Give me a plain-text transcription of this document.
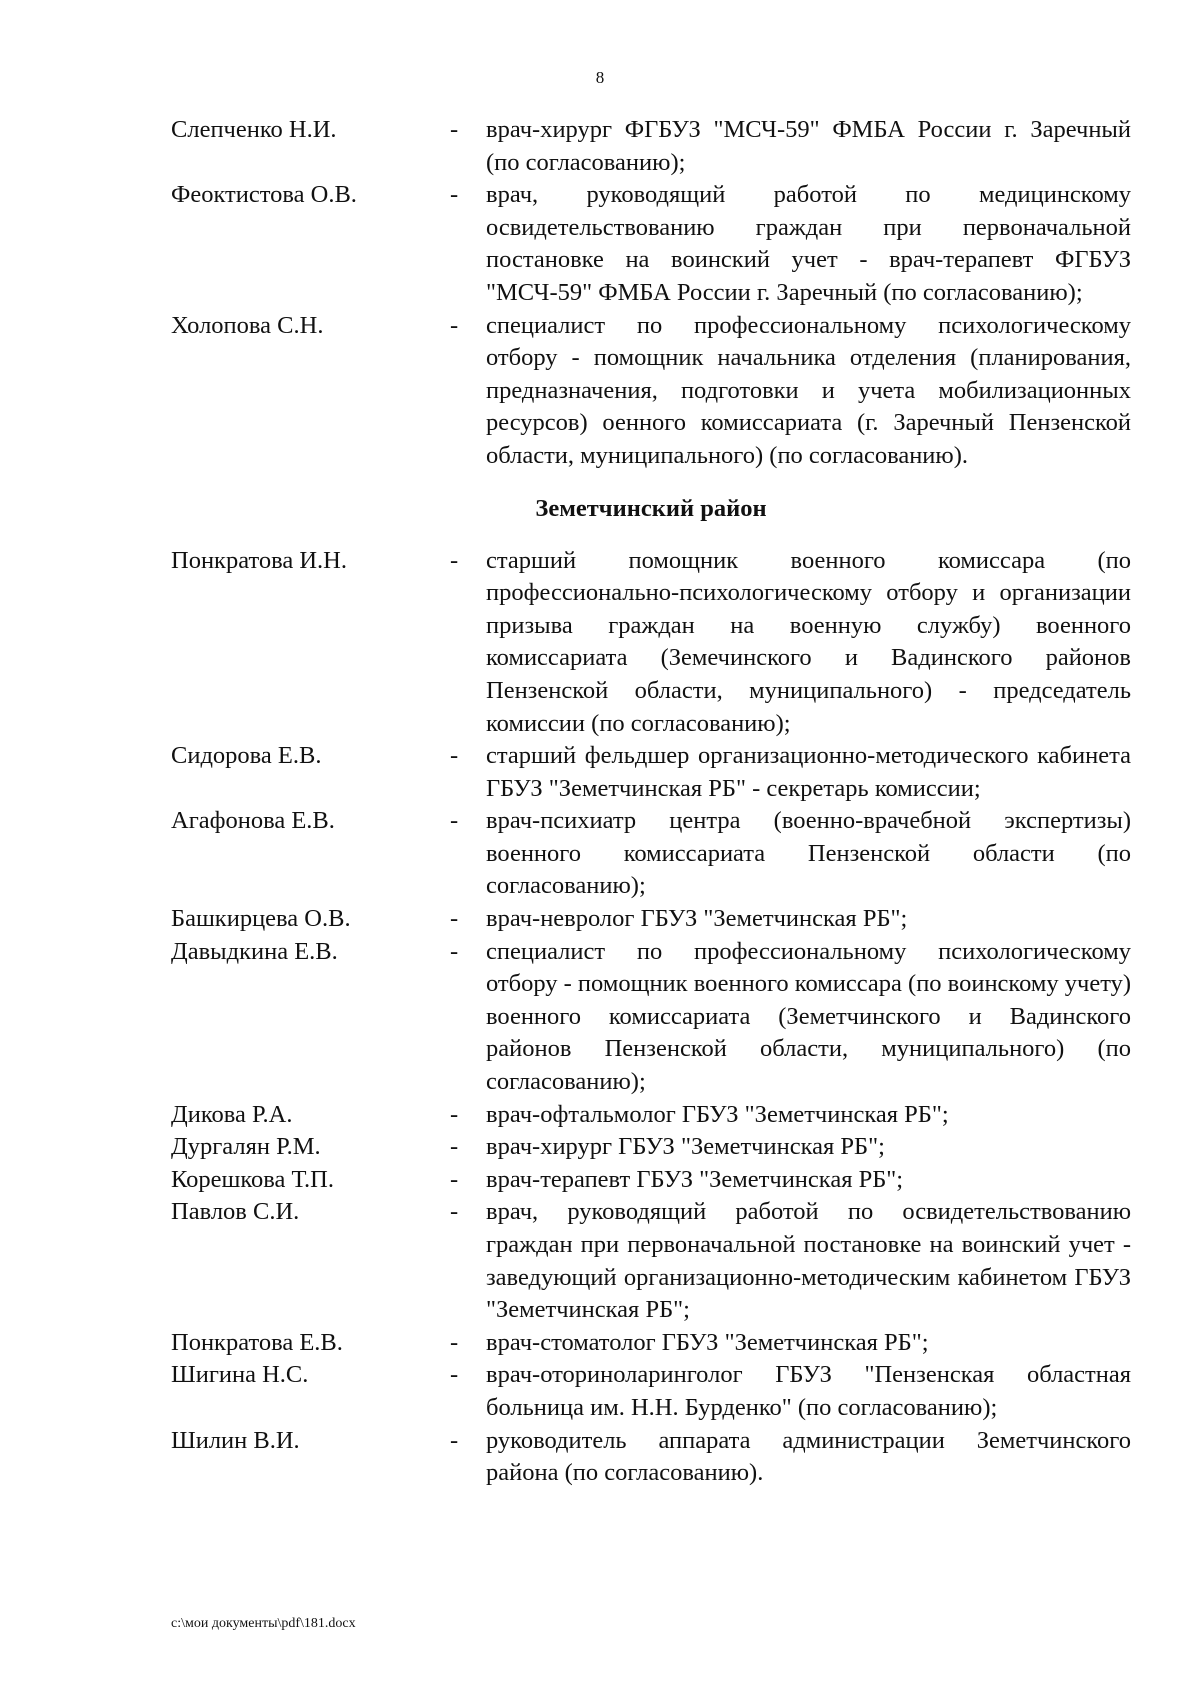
8
Слепченко Н.И.	-	врач-хирург ФГБУЗ "МСЧ-59" ФМБА России г. Заречный (по согласованию);
Феоктистова О.В.	-	врач, руководящий работой по медицинскому освидетельствованию граждан при первоначальной постановке на воинский учет - врач-терапевт ФГБУЗ "МСЧ-59" ФМБА России г. Заречный (по согласованию);
Холопова С.Н.	-	специалист по профессиональному психологическому отбору - помощник начальника отделения (планирования, предназначения, подготовки и учета мобилизационных ресурсов) оенного комиссариата (г. Заречный Пензенской области, муниципального) (по согласованию).
Земетчинский район
Понкратова И.Н.	-	старший помощник военного комиссара (по профессионально-психологическому отбору и организации призыва граждан на военную службу) военного комиссариата (Земечинского и Вадинского районов Пензенской области, муниципального) - председатель комиссии (по согласованию);
Сидорова Е.В.	-	старший фельдшер организационно-методического кабинета ГБУЗ "Земетчинская РБ" - секретарь комиссии;
Агафонова Е.В.	-	врач-психиатр центра (военно-врачебной экспертизы) военного комиссариата Пензенской области (по согласованию);
Башкирцева О.В.	-	врач-невролог ГБУЗ "Земетчинская РБ";
Давыдкина Е.В.	-	специалист по профессиональному психологическому отбору - помощник военного комиссара (по воинскому учету) военного комиссариата (Земетчинского и Вадинского районов Пензенской области, муниципального) (по согласованию);
Дикова Р.А.	-	врач-офтальмолог ГБУЗ "Земетчинская РБ";
Дургалян Р.М.	-	врач-хирург ГБУЗ "Земетчинская РБ";
Корешкова Т.П.	-	врач-терапевт ГБУЗ "Земетчинская РБ";
Павлов С.И.	-	врач, руководящий работой по освидетельствованию граждан при первоначальной постановке на воинский учет - заведующий организационно-методическим кабинетом ГБУЗ "Земетчинская РБ";
Понкратова Е.В.	-	врач-стоматолог ГБУЗ "Земетчинская РБ";
Шигина Н.С.	-	врач-оториноларинголог ГБУЗ "Пензенская областная больница им. Н.Н. Бурденко" (по согласованию);
Шилин В.И.	-	руководитель аппарата администрации Земетчинского района (по согласованию).
c:\мои документы\pdf\181.docx
